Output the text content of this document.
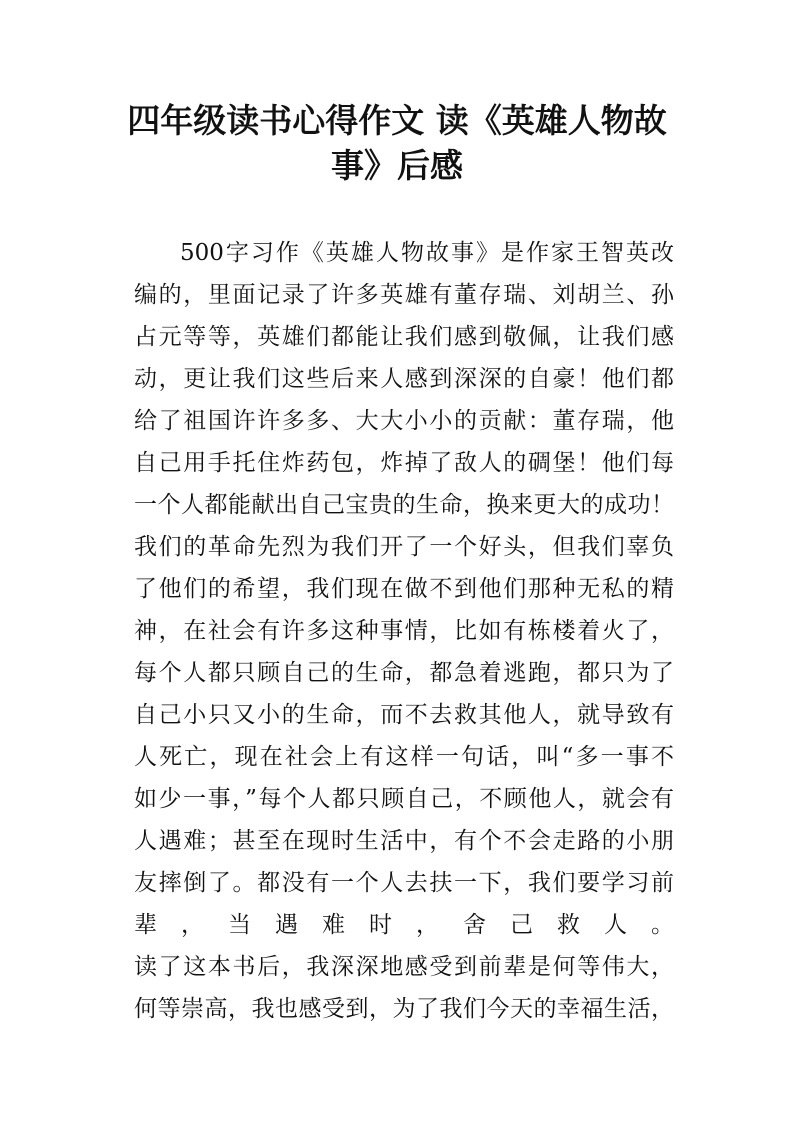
四年级读书心得作文 读《英雄人物故
事》后感
500字习作《英雄人物故事》是作家王智英改
编的，里面记录了许多英雄有董存瑞、刘胡兰、孙
占元等等，英雄们都能让我们感到敬佩，让我们感
动，更让我们这些后来人感到深深的自豪！他们都
给了祖国许许多多、大大小小的贡献：董存瑞，他
自己用手托住炸药包，炸掉了敌人的碉堡！他们每
一个人都能献出自己宝贵的生命，换来更大的成功！
我们的革命先烈为我们开了一个好头，但我们辜负
了他们的希望，我们现在做不到他们那种无私的精
神，在社会有许多这种事情，比如有栋楼着火了，
每个人都只顾自己的生命，都急着逃跑，都只为了
自己小只又小的生命，而不去救其他人，就导致有
人死亡，现在社会上有这样一句话，叫“多一事不
如少一事，”每个人都只顾自己，不顾他人，就会有
人遇难；甚至在现时生活中，有个不会走路的小朋
友摔倒了。都没有一个人去扶一下，我们要学习前
辈 ， 当 遇 难 时 ， 舍 己 救 人 。
读了这本书后，我深深地感受到前辈是何等伟大，
何等崇高，我也感受到，为了我们今天的幸福生活，
